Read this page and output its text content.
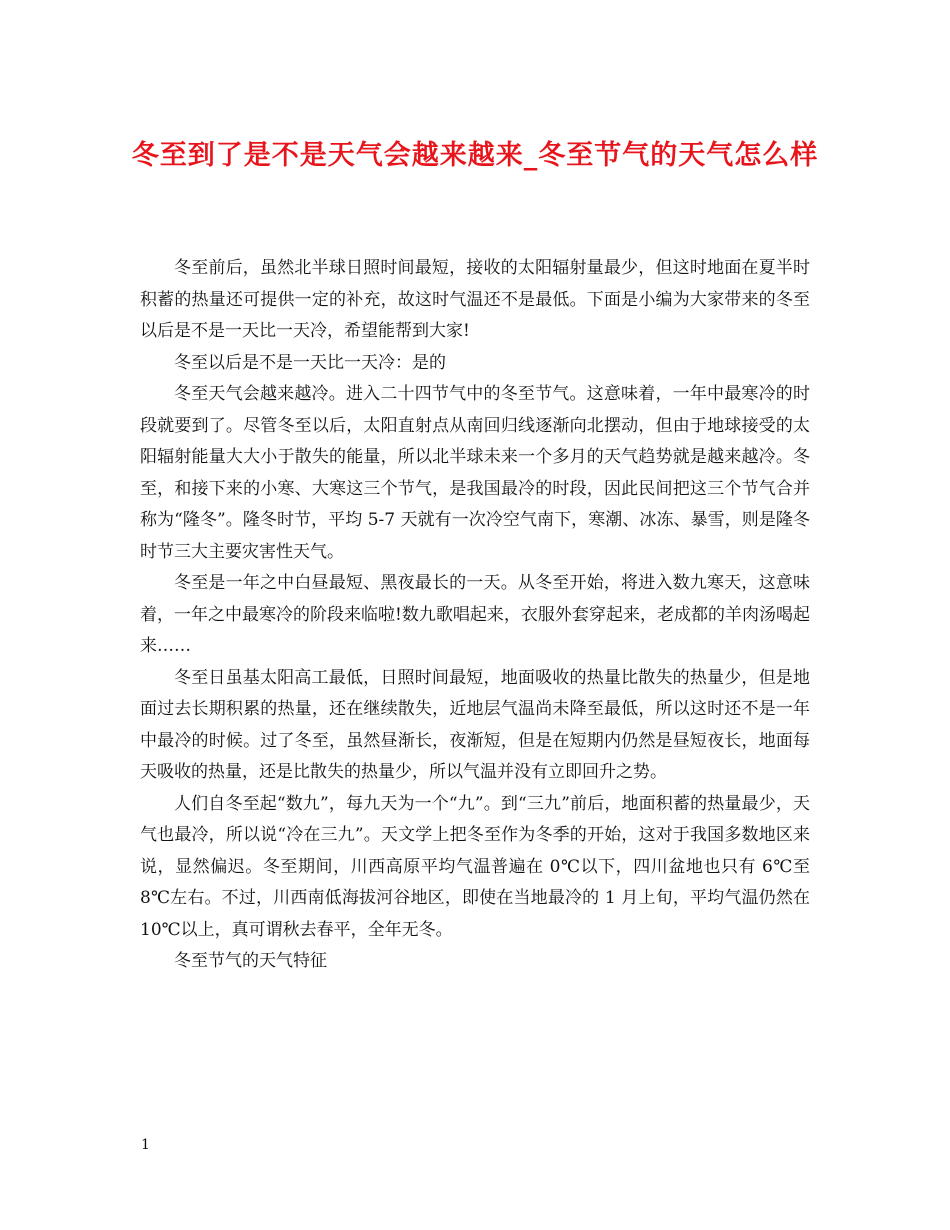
冬至到了是不是天气会越来越来_冬至节气的天气怎么样

冬至前后，虽然北半球日照时间最短，接收的太阳辐射量最少，但这时地面在夏半时积蓄的热量还可提供一定的补充，故这时气温还不是最低。下面是小编为大家带来的冬至以后是不是一天比一天冷，希望能帮到大家!

冬至以后是不是一天比一天冷：是的

冬至天气会越来越冷。进入二十四节气中的冬至节气。这意味着，一年中最寒冷的时段就要到了。尽管冬至以后，太阳直射点从南回归线逐渐向北摆动，但由于地球接受的太阳辐射能量大大小于散失的能量，所以北半球未来一个多月的天气趋势就是越来越冷。冬至，和接下来的小寒、大寒这三个节气，是我国最冷的时段，因此民间把这三个节气合并称为“隆冬”。隆冬时节，平均 5-7 天就有一次冷空气南下，寒潮、冰冻、暴雪，则是隆冬时节三大主要灾害性天气。

冬至是一年之中白昼最短、黑夜最长的一天。从冬至开始，将进入数九寒天，这意味着，一年之中最寒冷的阶段来临啦!数九歌唱起来，衣服外套穿起来，老成都的羊肉汤喝起来……

冬至日虽基太阳高工最低，日照时间最短，地面吸收的热量比散失的热量少，但是地面过去长期积累的热量，还在继续散失，近地层气温尚未降至最低，所以这时还不是一年中最冷的时候。过了冬至，虽然昼渐长，夜渐短，但是在短期内仍然是昼短夜长，地面每天吸收的热量，还是比散失的热量少，所以气温并没有立即回升之势。

人们自冬至起“数九”，每九天为一个“九”。到“三九”前后，地面积蓄的热量最少，天气也最冷，所以说“冷在三九”。天文学上把冬至作为冬季的开始，这对于我国多数地区来说，显然偏迟。冬至期间，川西高原平均气温普遍在 0℃以下，四川盆地也只有 6℃至 8℃左右。不过，川西南低海拔河谷地区，即使在当地最冷的 1 月上旬，平均气温仍然在 10℃以上，真可谓秋去春平，全年无冬。

冬至节气的天气特征

1
